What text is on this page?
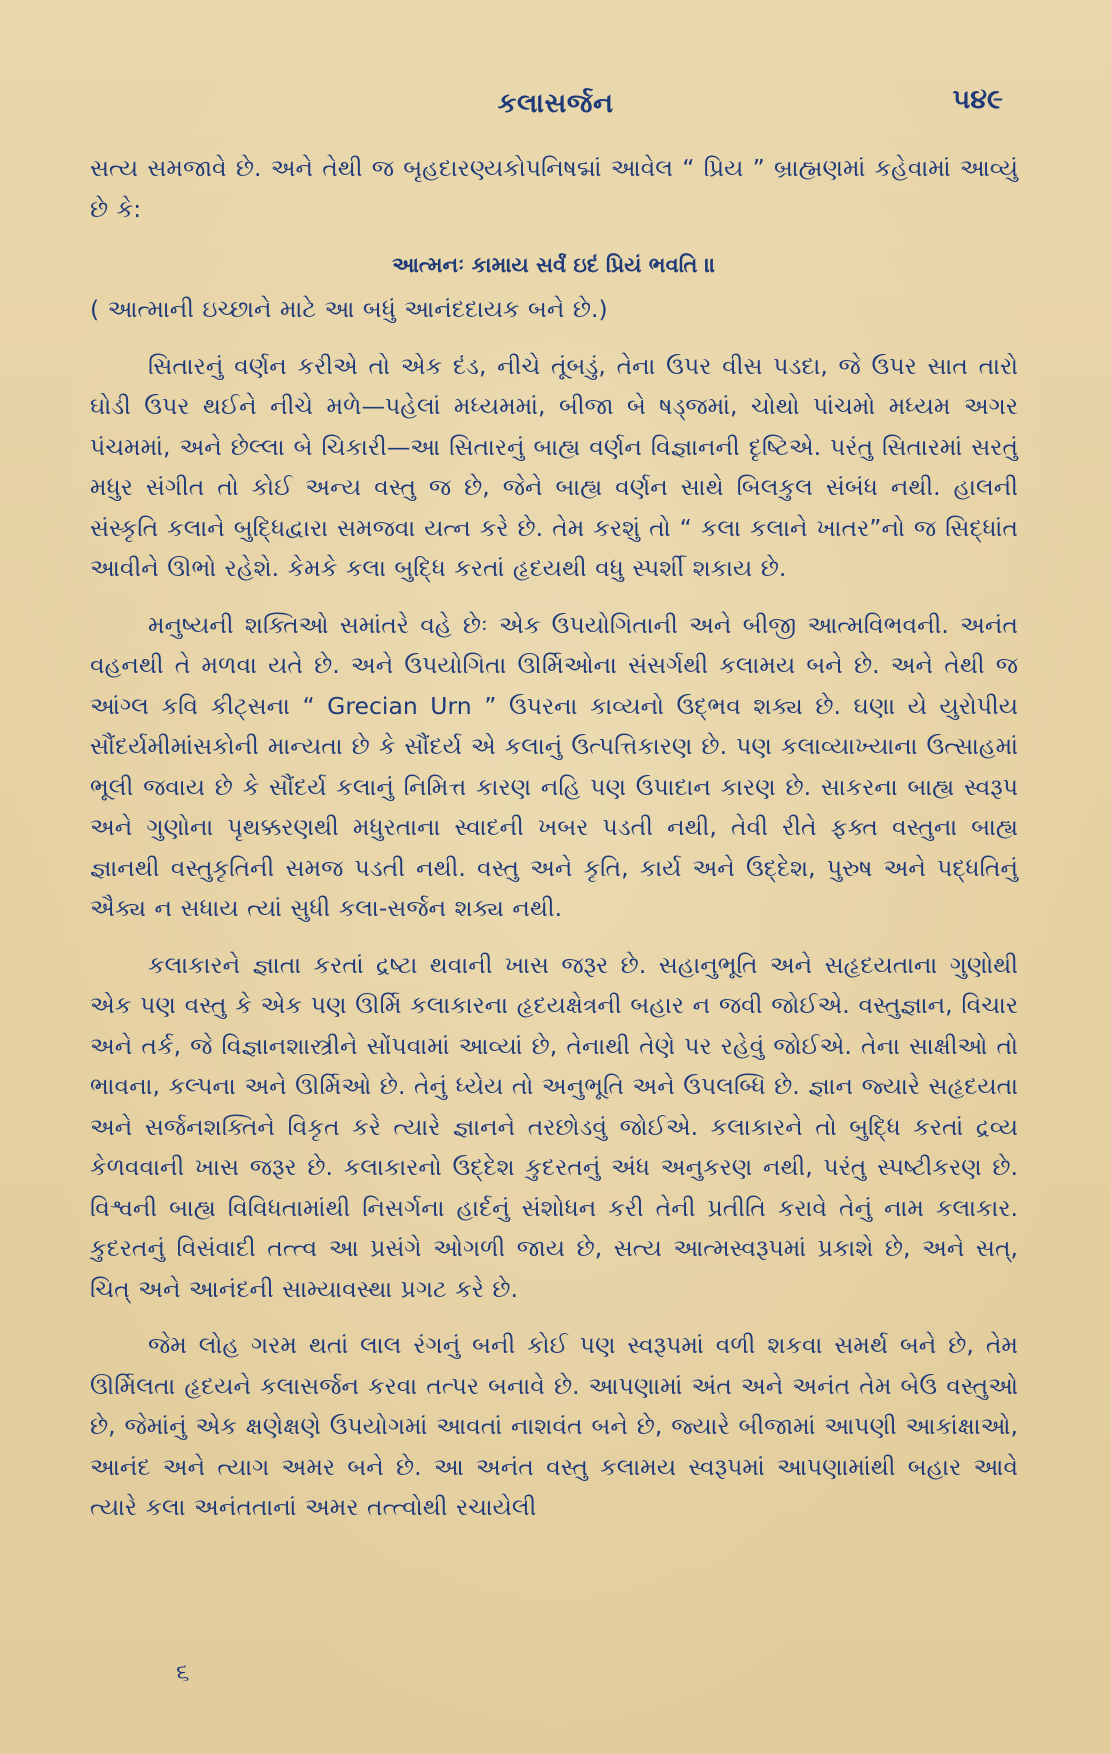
કલાસર્જન	૫૪૯

સત્ય સમજાવે છે. અને તેથી જ બૃહદારણ્યકોપનિષદ્માં આવેલ “ પ્રિય ” બ્રાહ્મણમાં કહેવામાં આવ્યું છે કે:

આત્મનઃ કામાય સર્વં ઇદં પ્રિયં ભવતિ ॥

( આત્માની ઇચ્છાને માટે આ બધું આનંદદાયક બને છે.)

સિતારનું વર્ણન કરીએ તો એક દંડ, નીચે તૂંબડું, તેના ઉપર વીસ પડદા, જે ઉપર સાત તારો ઘોડી ઉપર થઈને નીચે મળે—પહેલાં મધ્યમમાં, બીજા બે ષડ્જમાં, ચોથો પાંચમો મધ્યમ અગર પંચમમાં, અને છેલ્લા બે ચિકારી—આ સિતારનું બાહ્ય વર્ણન વિજ્ઞાનની દૃષ્ટિએ. પરંતુ સિતારમાં સરતું મધુર સંગીત તો કોઈ અન્ય વસ્તુ જ છે, જેને બાહ્ય વર્ણન સાથે બિલકુલ સંબંધ નથી. હાલની સંસ્કૃતિ કલાને બુદ્ધિદ્વારા સમજવા યત્ન કરે છે. તેમ કરશું તો “ કલા કલાને ખાતર”નો જ સિદ્ધાંત આવીને ઊભો રહેશે. કેમકે કલા બુદ્ધિ કરતાં હૃદયથી વધુ સ્પર્શી શકાય છે.

મનુષ્યની શક્તિઓ સમાંતરે વહે છેઃ એક ઉપયોગિતાની અને બીજી આત્મવિભવની. અનંત વહનથી તે મળવા યતે છે. અને ઉપયોગિતા ઊર્મિઓના સંસર્ગથી કલામય બને છે. અને તેથી જ આંગ્લ કવિ કીટ્સના “ Grecian Urn ” ઉપરના કાવ્યનો ઉદ્ભવ શક્ય છે. ઘણા યે યુરોપીય સૌંદર્યમીમાંસકોની માન્યતા છે કે સૌંદર્ય એ કલાનું ઉત્પત્તિકારણ છે. પણ કલાવ્યાખ્યાના ઉત્સાહમાં ભૂલી જવાય છે કે સૌંદર્ય કલાનું નિમિત્ત કારણ નહિ પણ ઉપાદાન કારણ છે. સાકરના બાહ્ય સ્વરૂપ અને ગુણોના પૃથક્કરણથી મધુરતાના સ્વાદની ખબર પડતી નથી, તેવી રીતે ફક્ત વસ્તુના બાહ્ય જ્ઞાનથી વસ્તુકૃતિની સમજ પડતી નથી. વસ્તુ અને કૃતિ, કાર્ય અને ઉદ્દેશ, પુરુષ અને પદ્ધતિનું ઐક્ય ન સધાય ત્યાં સુધી કલા-સર્જન શક્ય નથી.

કલાકારને જ્ઞાતા કરતાં દ્રષ્ટા થવાની ખાસ જરૂર છે. સહાનુભૂતિ અને સહૃદયતાના ગુણોથી એક પણ વસ્તુ કે એક પણ ઊર્મિ કલાકારના હૃદયક્ષેત્રની બહાર ન જવી જોઈએ. વસ્તુજ્ઞાન, વિચાર અને તર્ક, જે વિજ્ઞાનશાસ્ત્રીને સોંપવામાં આવ્યાં છે, તેનાથી તેણે પર રહેવું જોઈએ. તેના સાક્ષીઓ તો ભાવના, કલ્પના અને ઊર્મિઓ છે. તેનું ધ્યેય તો અનુભૂતિ અને ઉપલબ્ધિ છે. જ્ઞાન જ્યારે સહૃદયતા અને સર્જનશક્તિને વિકૃત કરે ત્યારે જ્ઞાનને તરછોડવું જોઈએ. કલાકારને તો બુદ્ધિ કરતાં દ્રવ્ય કેળવવાની ખાસ જરૂર છે. કલાકારનો ઉદ્દેશ કુદરતનું અંધ અનુકરણ નથી, પરંતુ સ્પષ્ટીકરણ છે. વિશ્વની બાહ્ય વિવિધતામાંથી નિસર્ગના હાર્દનું સંશોધન કરી તેની પ્રતીતિ કરાવે તેનું નામ કલાકાર. કુદરતનું વિસંવાદી તત્ત્વ આ પ્રસંગે ઓગળી જાય છે, સત્ય આત્મસ્વરૂપમાં પ્રકાશે છે, અને સત્, ચિત્ અને આનંદની સામ્યાવસ્થા પ્રગટ કરે છે.

જેમ લોહ ગરમ થતાં લાલ રંગનું બની કોઈ પણ સ્વરૂપમાં વળી શકવા સમર્થ બને છે, તેમ ઊર્મિલતા હૃદયને કલાસર્જન કરવા તત્પર બનાવે છે. આપણામાં અંત અને અનંત તેમ બેઉ વસ્તુઓ છે, જેમાંનું એક ક્ષણેક્ષણે ઉપયોગમાં આવતાં નાશવંત બને છે, જ્યારે બીજામાં આપણી આકાંક્ષાઓ, આનંદ અને ત્યાગ અમર બને છે. આ અનંત વસ્તુ કલામય સ્વરૂપમાં આપણામાંથી બહાર આવે ત્યારે કલા અનંતતાનાં અમર તત્ત્વોથી રચાયેલી

૬
